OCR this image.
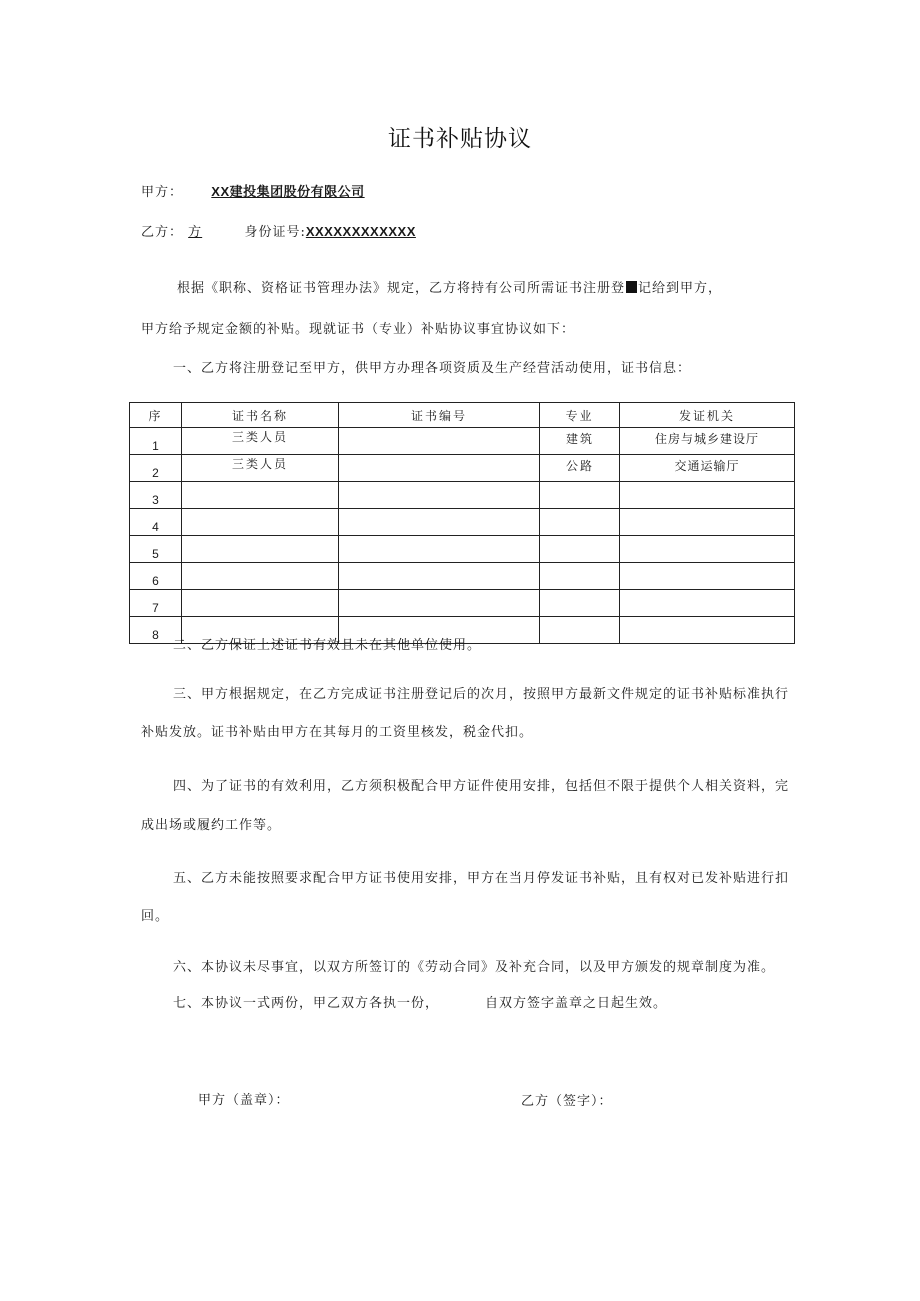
证书补贴协议
甲方： XX建投集团股份有限公司
乙方： 方	身份证号:XXXXXXXXXXXX
根据《职称、资格证书管理办法》规定，乙方将持有公司所需证书注册登 记给到甲方，
甲方给予规定金额的补贴。现就证书（专业）补贴协议事宜协议如下：
一、乙方将注册登记至甲方，供甲方办理各项资质及生产经营活动使用，证书信息：
序	证书名称	证书编号	专业	发证机关
1	三类人员		建筑	住房与城乡建设厅
2	三类人员		公路	交通运输厅
3				
4				
5				
6				
7				
8				
二、乙方保证上述证书有效且未在其他单位使用。
三、甲方根据规定，在乙方完成证书注册登记后的次月，按照甲方最新文件规定的证书补贴标准执行
补贴发放。证书补贴由甲方在其每月的工资里核发，税金代扣。
四、为了证书的有效利用，乙方须积极配合甲方证件使用安排，包括但不限于提供个人相关资料，完
成出场或履约工作等。
五、乙方未能按照要求配合甲方证书使用安排，甲方在当月停发证书补贴，且有权对已发补贴进行扣
回。
六、本协议未尽事宜，以双方所签订的《劳动合同》及补充合同，以及甲方颁发的规章制度为准。
七、本协议一式两份，甲乙双方各执一份，	自双方签字盖章之日起生效。
甲方（盖章）：	乙方（签字）：
